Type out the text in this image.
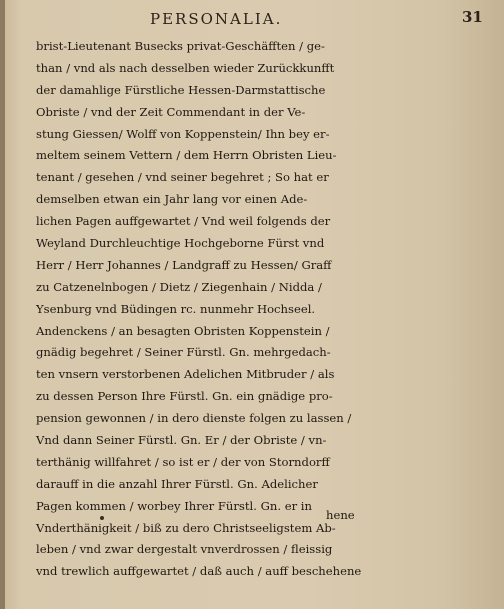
PERSONALIA.	31
brist-Lieutenant Busecks privat-Geschäfften / ge-
than / vnd als nach desselben wieder Zurückkunfft
der damahlige Fürstliche Hessen-Darmstattische
Obriste / vnd der Zeit Commendant in der Ve-
stung Giessen/ Wolff von Koppenstein/ Ihn bey er-
meltem seinem Vettern / dem Herrn Obristen Lieu-
tenant / gesehen / vnd seiner begehret ; So hat er
demselben etwan ein Jahr lang vor einen Ade-
lichen Pagen auffgewartet / Vnd weil folgends der
Weyland Durchleuchtige Hochgeborne Fürst vnd
Herr / Herr Johannes / Landgraff zu Hessen/ Graff
zu Catzenelnbogen / Dietz / Ziegenhain / Nidda /
Ysenburg vnd Büdingen rc. nunmehr Hochseel.
Andenckens / an besagten Obristen Koppenstein /
gnädig begehret / Seiner Fürstl. Gn. mehrgedach-
ten vnsern verstorbenen Adelichen Mitbruder / als
zu dessen Person Ihre Fürstl. Gn. ein gnädige pro-
pension gewonnen / in dero dienste folgen zu lassen /
Vnd dann Seiner Fürstl. Gn. Er / der Obriste / vn-
terthänig willfahret / so ist er / der von Storndorff
darauff in die anzahl Ihrer Fürstl. Gn. Adelicher
Pagen kommen / worbey Ihrer Fürstl. Gn. er in
Vnderthänigkeit / biß zu dero Christseeligstem Ab-
leben / vnd zwar dergestalt vnverdrossen / fleissig
vnd trewlich auffgewartet / daß auch / auff beschehene
hene
